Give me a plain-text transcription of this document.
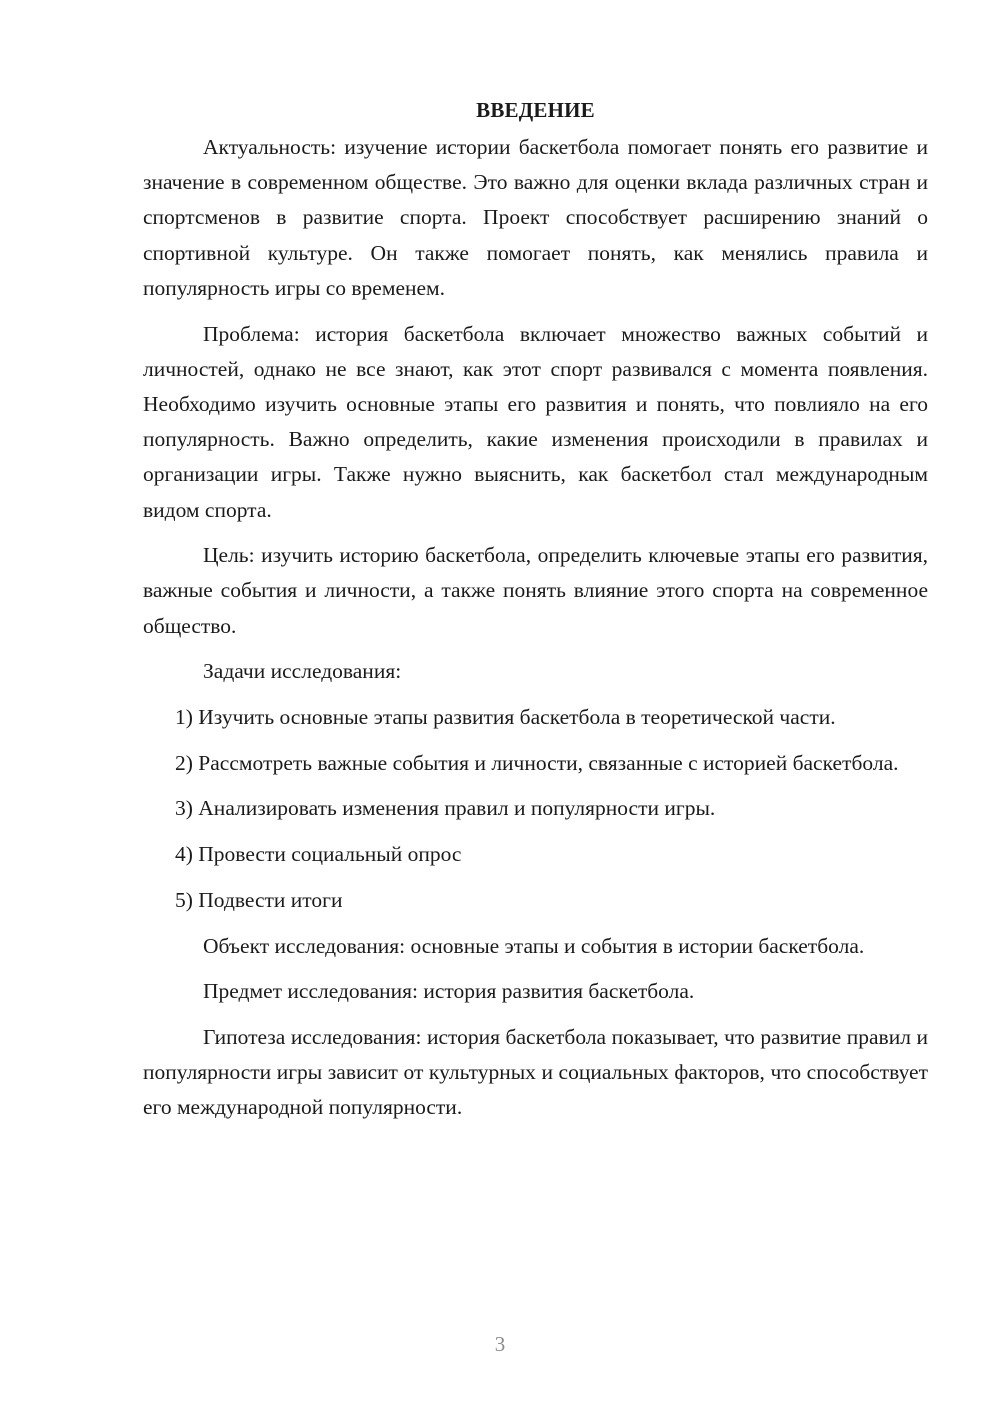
ВВЕДЕНИЕ

Актуальность: изучение истории баскетбола помогает понять его развитие и значение в современном обществе. Это важно для оценки вклада различных стран и спортсменов в развитие спорта. Проект способствует расширению знаний о спортивной культуре. Он также помогает понять, как менялись правила и популярность игры со временем.

Проблема: история баскетбола включает множество важных событий и личностей, однако не все знают, как этот спорт развивался с момента появления. Необходимо изучить основные этапы его развития и понять, что повлияло на его популярность. Важно определить, какие изменения происходили в правилах и организации игры. Также нужно выяснить, как баскетбол стал международным видом спорта.

Цель: изучить историю баскетбола, определить ключевые этапы его развития, важные события и личности, а также понять влияние этого спорта на современное общество.

Задачи исследования:

1) Изучить основные этапы развития баскетбола в теоретической части.

2) Рассмотреть важные события и личности, связанные с историей баскетбола.

3) Анализировать изменения правил и популярности игры.

4) Провести социальный опрос

5) Подвести итоги

Объект исследования: основные этапы и события в истории баскетбола.

Предмет исследования: история развития баскетбола.

Гипотеза исследования: история баскетбола показывает, что развитие правил и популярности игры зависит от культурных и социальных факторов, что способствует его международной популярности.

3
